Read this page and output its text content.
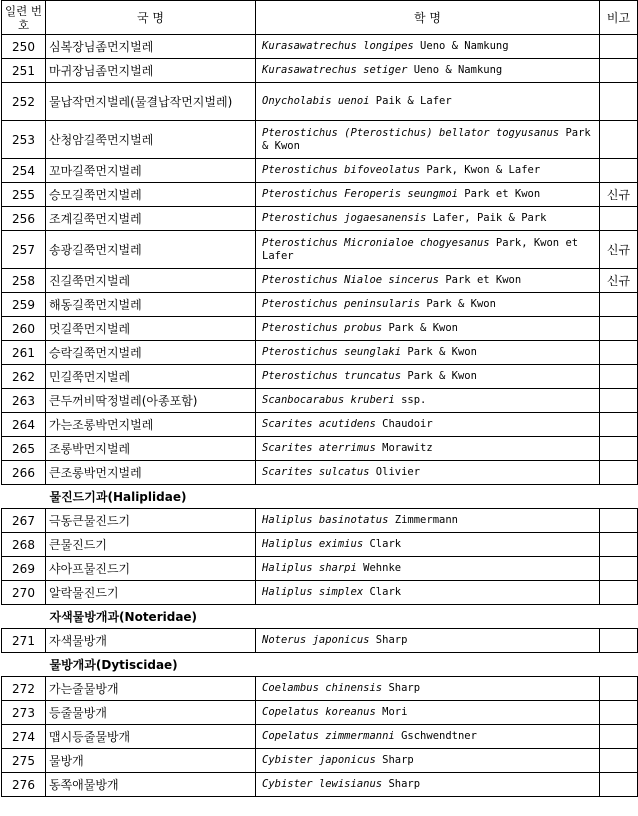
일련 번호	국 명	학 명	비고
250	심복장님좀먼지벌레	Kurasawatrechus longipes Ueno & Namkung	
251	마귀장님좀먼지벌레	Kurasawatrechus setiger Ueno & Namkung	
252	물납작먼지벌레(물결납작먼지벌레)	Onycholabis uenoi Paik & Lafer	
253	산청암길쭉먼지벌레	Pterostichus (Pterostichus) bellator togyusanus Park & Kwon	
254	꼬마길쭉먼지벌레	Pterostichus bifoveolatus Park, Kwon & Lafer	
255	승모길쭉먼지벌레	Pterostichus Feroperis seungmoi Park et Kwon	신규
256	조계길쭉먼지벌레	Pterostichus jogaesanensis Lafer, Paik & Park	
257	송광길쭉먼지벌레	Pterostichus Micronialoe chogyesanus Park, Kwon et Lafer	신규
258	진길쭉먼지벌레	Pterostichus Nialoe sincerus Park et Kwon	신규
259	해동길쭉먼지벌레	Pterostichus peninsularis Park & Kwon	
260	멋길쭉먼지벌레	Pterostichus probus Park & Kwon	
261	승락길쭉먼지벌레	Pterostichus seunglaki Park & Kwon	
262	민길쭉먼지벌레	Pterostichus truncatus Park & Kwon	
263	큰두꺼비딱정벌레(아종포함)	Scanbocarabus kruberi ssp.	
264	가는조롱박먼지벌레	Scarites acutidens Chaudoir	
265	조롱박먼지벌레	Scarites aterrimus Morawitz	
266	큰조롱박먼지벌레	Scarites sulcatus Olivier	
	물진드기과(Haliplidae)		
267	극동큰물진드기	Haliplus basinotatus Zimmermann	
268	큰물진드기	Haliplus eximius Clark	
269	샤아프물진드기	Haliplus sharpi Wehnke	
270	알락물진드기	Haliplus simplex Clark	
	자색물방개과(Noteridae)		
271	자색물방개	Noterus japonicus Sharp	
	물방개과(Dytiscidae)		
272	가는줄물방개	Coelambus chinensis Sharp	
273	등줄물방개	Copelatus koreanus Mori	
274	맵시등줄물방개	Copelatus zimmermanni Gschwendtner	
275	물방개	Cybister japonicus Sharp	
276	동쪽애물방개	Cybister lewisianus Sharp	
